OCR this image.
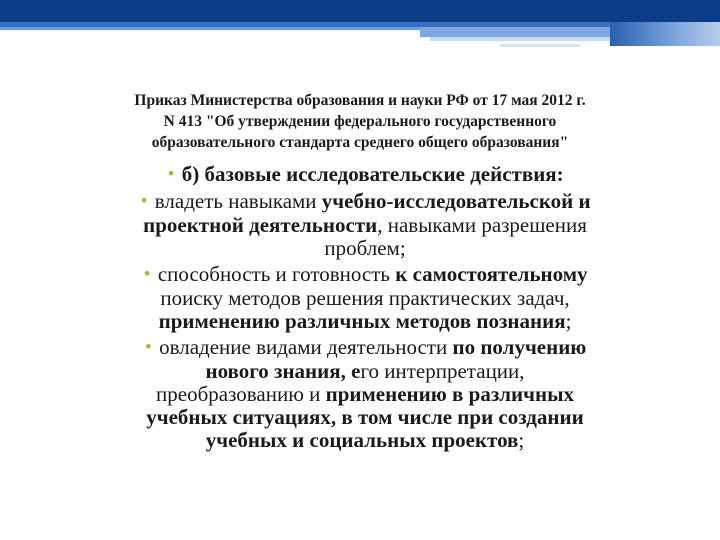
Приказ Министерства образования и науки РФ от 17 мая 2012 г.
N 413 "Об утверждении федерального государственного
образовательного стандарта среднего общего образования"
• б) базовые исследовательские действия:
• владеть навыками учебно-исследовательской и
проектной деятельности, навыками разрешения
проблем;
• способность и готовность к самостоятельному
поиску методов решения практических задач,
применению различных методов познания;
• овладение видами деятельности по получению
нового знания, его интерпретации,
преобразованию и применению в различных
учебных ситуациях, в том числе при создании
учебных и социальных проектов;
